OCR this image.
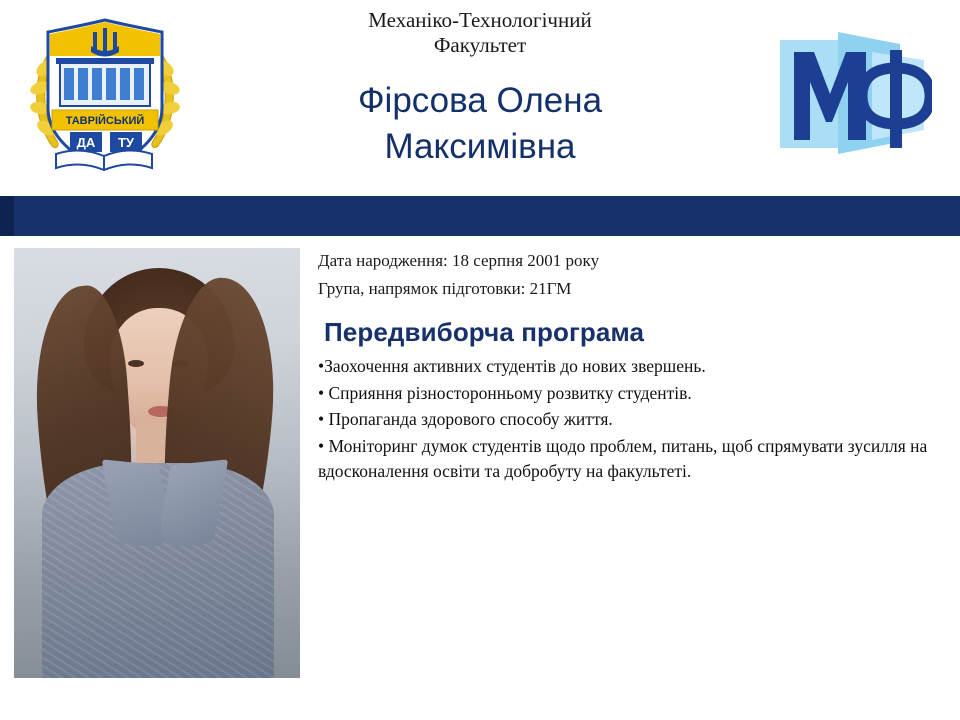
ТАВРІЙСЬКИЙ
ДА ТУ
Механіко-Технологічний
Факультет
Фірсова Олена
Максимівна
Дата народження: 18 серпня 2001 року
Група, напрямок підготовки: 21ГМ
Передвиборча програма
•Заохочення активних студентів до нових звершень.
• Сприяння різносторонньому розвитку студентів.
• Пропаганда здорового способу життя.
• Моніторинг думок студентів щодо проблем, питань, щоб спрямувати зусилля на вдосконалення освіти та добробуту на факультеті.
